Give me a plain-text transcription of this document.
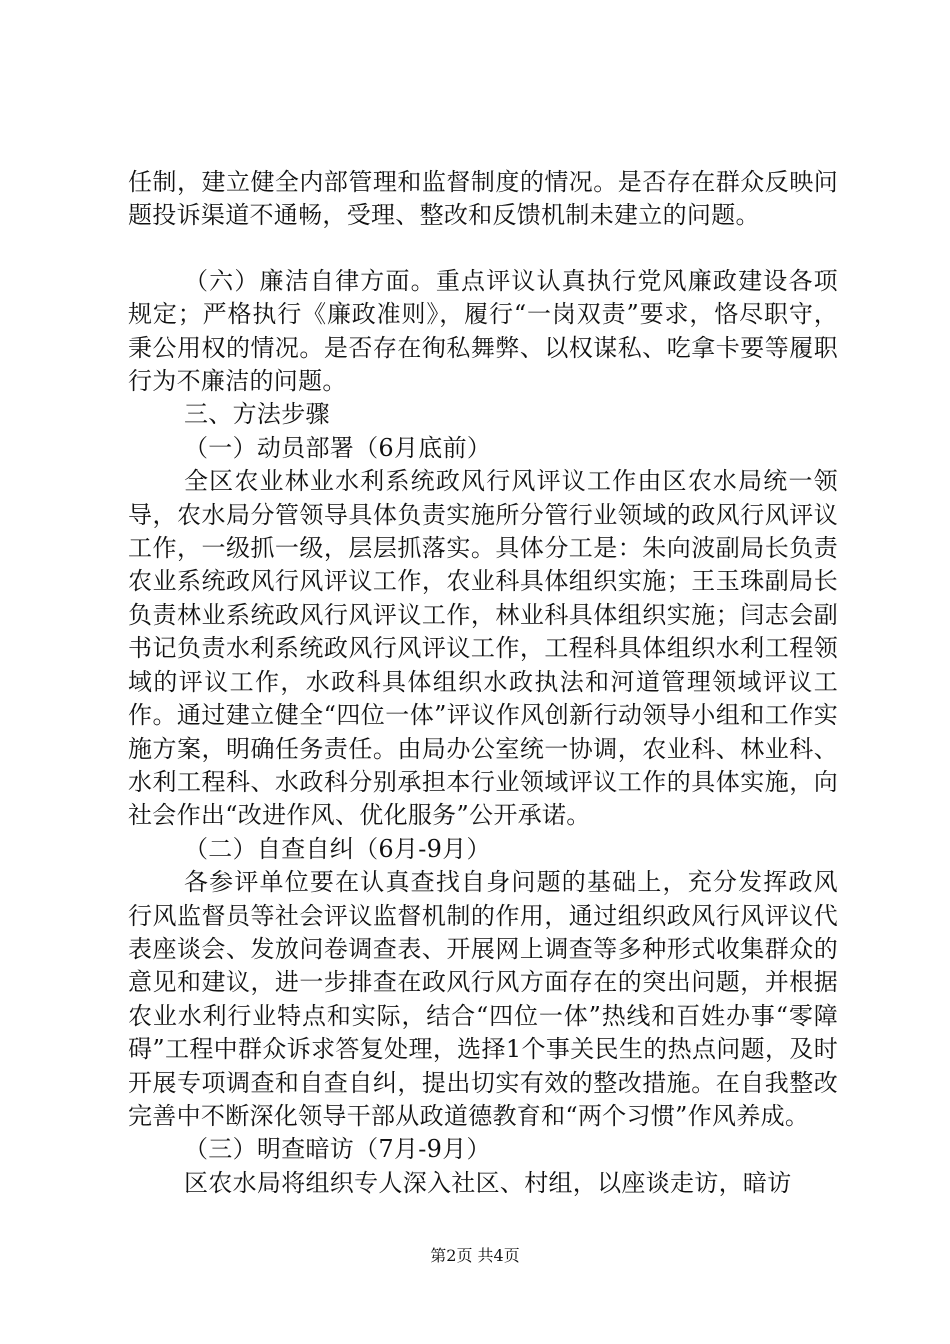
任制，建立健全内部管理和监督制度的情况。是否存在群众反映问题投诉渠道不通畅，受理、整改和反馈机制未建立的问题。

（六）廉洁自律方面。重点评议认真执行党风廉政建设各项规定；严格执行《廉政准则》，履行“一岗双责”要求，恪尽职守，秉公用权的情况。是否存在徇私舞弊、以权谋私、吃拿卡要等履职行为不廉洁的问题。

三、方法步骤

（一）动员部署（6月底前）

全区农业林业水利系统政风行风评议工作由区农水局统一领导，农水局分管领导具体负责实施所分管行业领域的政风行风评议工作，一级抓一级，层层抓落实。具体分工是：朱向波副局长负责农业系统政风行风评议工作，农业科具体组织实施；王玉珠副局长负责林业系统政风行风评议工作，林业科具体组织实施；闫志会副书记负责水利系统政风行风评议工作，工程科具体组织水利工程领域的评议工作，水政科具体组织水政执法和河道管理领域评议工作。通过建立健全“四位一体”评议作风创新行动领导小组和工作实施方案，明确任务责任。由局办公室统一协调，农业科、林业科、水利工程科、水政科分别承担本行业领域评议工作的具体实施，向社会作出“改进作风、优化服务”公开承诺。

（二）自查自纠（6月-9月）

各参评单位要在认真查找自身问题的基础上，充分发挥政风行风监督员等社会评议监督机制的作用，通过组织政风行风评议代表座谈会、发放问卷调查表、开展网上调查等多种形式收集群众的意见和建议，进一步排查在政风行风方面存在的突出问题，并根据农业水利行业特点和实际，结合“四位一体”热线和百姓办事“零障碍”工程中群众诉求答复处理，选择1个事关民生的热点问题，及时开展专项调查和自查自纠，提出切实有效的整改措施。在自我整改完善中不断深化领导干部从政道德教育和“两个习惯”作风养成。

（三）明查暗访（7月-9月）

区农水局将组织专人深入社区、村组，以座谈走访，暗访

第2页 共4页
